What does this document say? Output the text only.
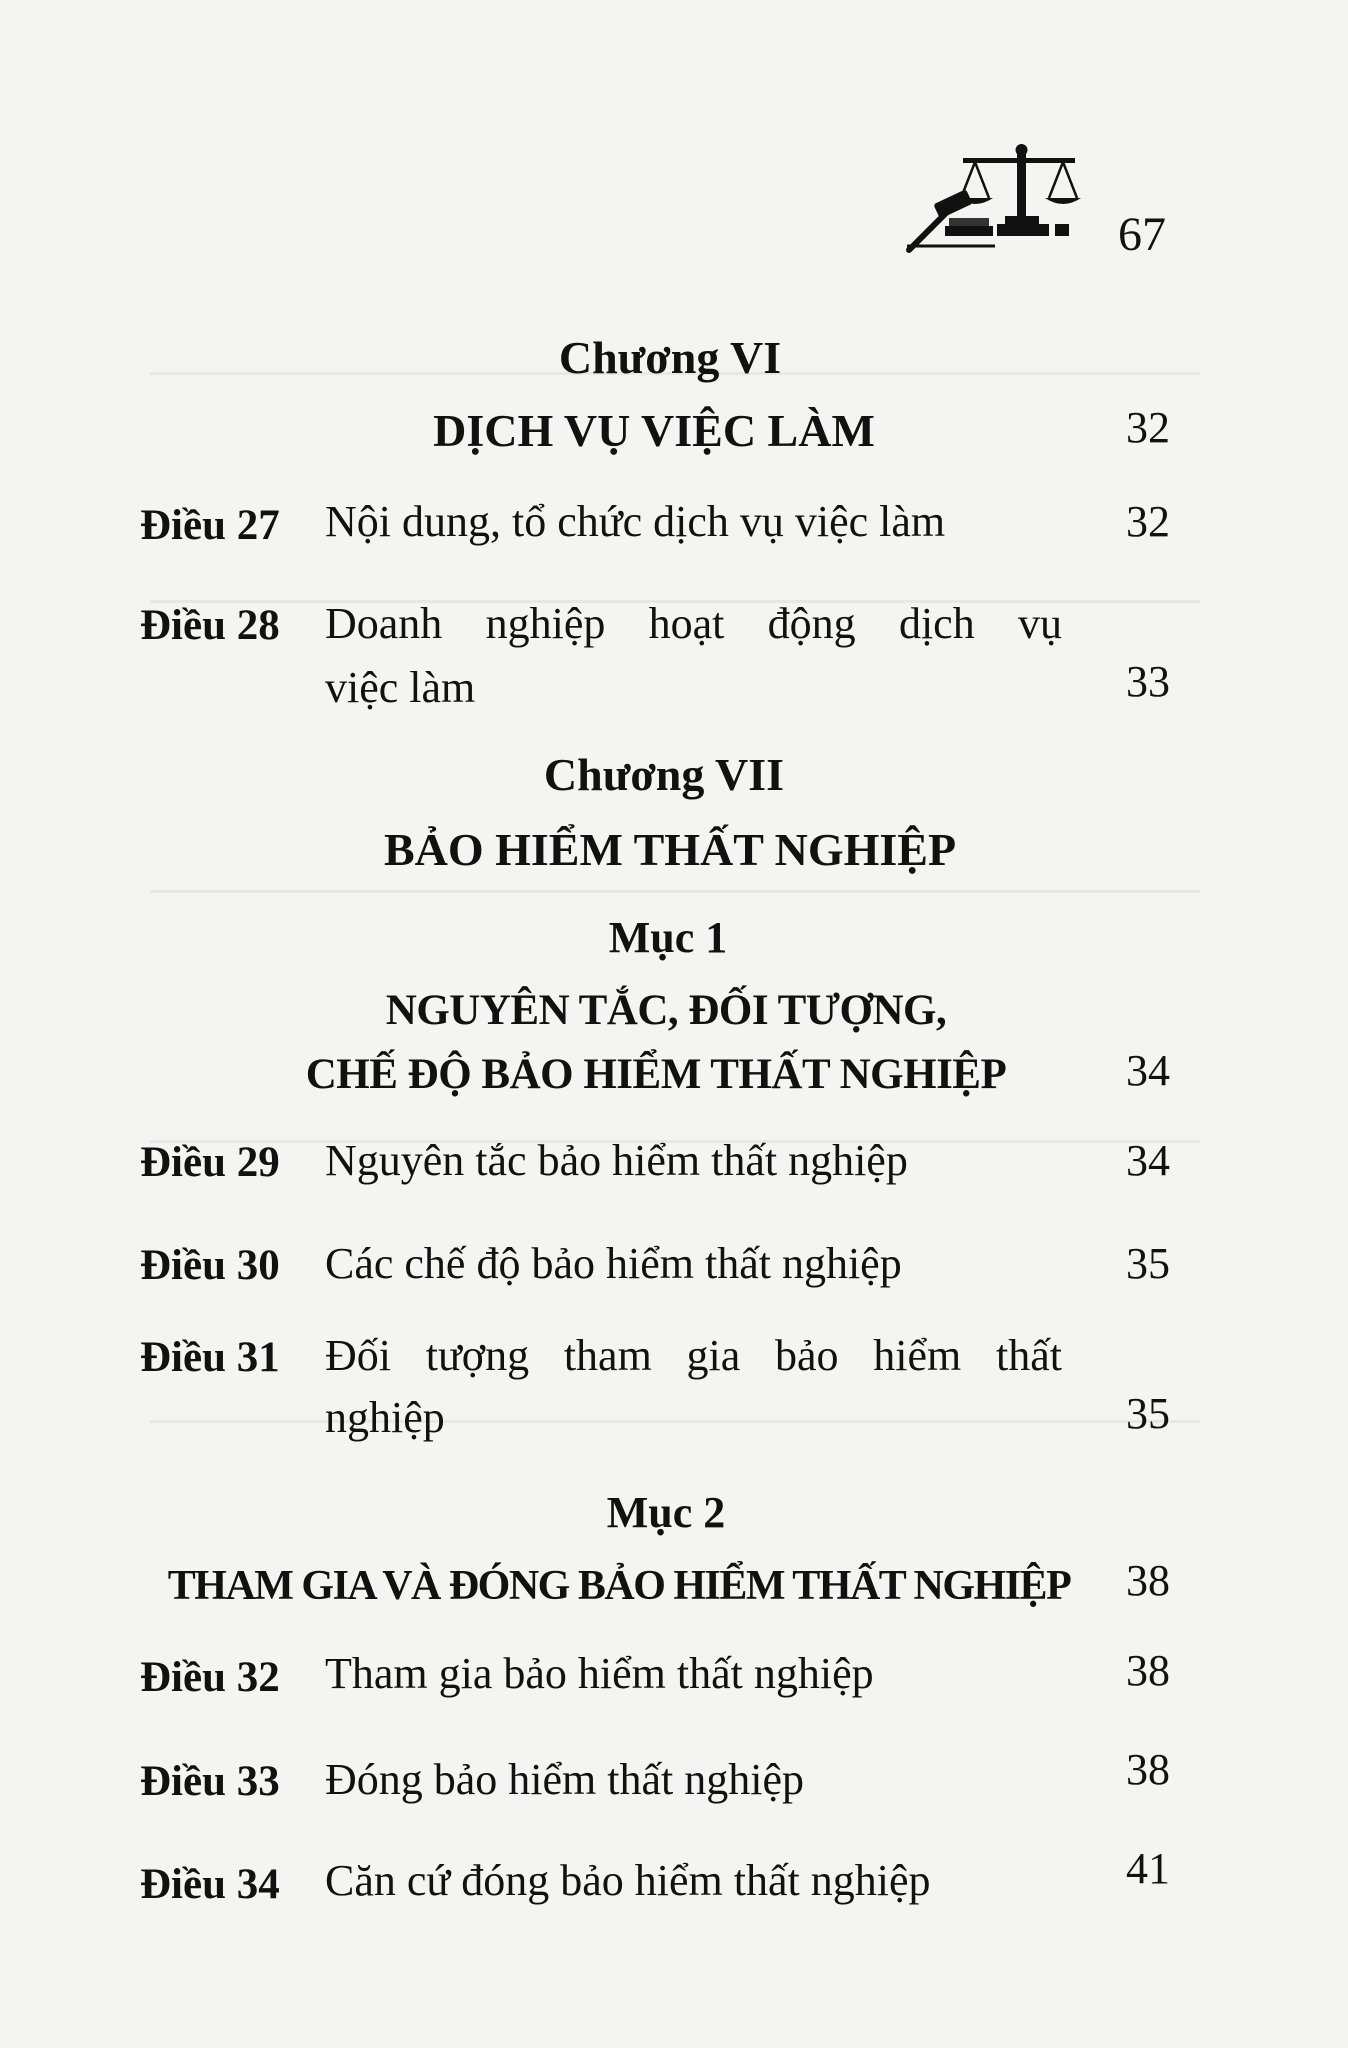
67
Chương VI
DỊCH VỤ VIỆC LÀM	32
Điều 27 Nội dung, tổ chức dịch vụ việc làm	32
Điều 28 Doanh nghiệp hoạt động dịch vụ
việc làm	33
Chương VII
BẢO HIỂM THẤT NGHIỆP
Mục 1
NGUYÊN TẮC, ĐỐI TƯỢNG,
CHẾ ĐỘ BẢO HIỂM THẤT NGHIỆP	34
Điều 29 Nguyên tắc bảo hiểm thất nghiệp	34
Điều 30 Các chế độ bảo hiểm thất nghiệp	35
Điều 31 Đối tượng tham gia bảo hiểm thất
nghiệp	35
Mục 2
THAM GIA VÀ ĐÓNG BẢO HIỂM THẤT NGHIỆP	38
Điều 32 Tham gia bảo hiểm thất nghiệp	38
Điều 33 Đóng bảo hiểm thất nghiệp	38
Điều 34 Căn cứ đóng bảo hiểm thất nghiệp	41
